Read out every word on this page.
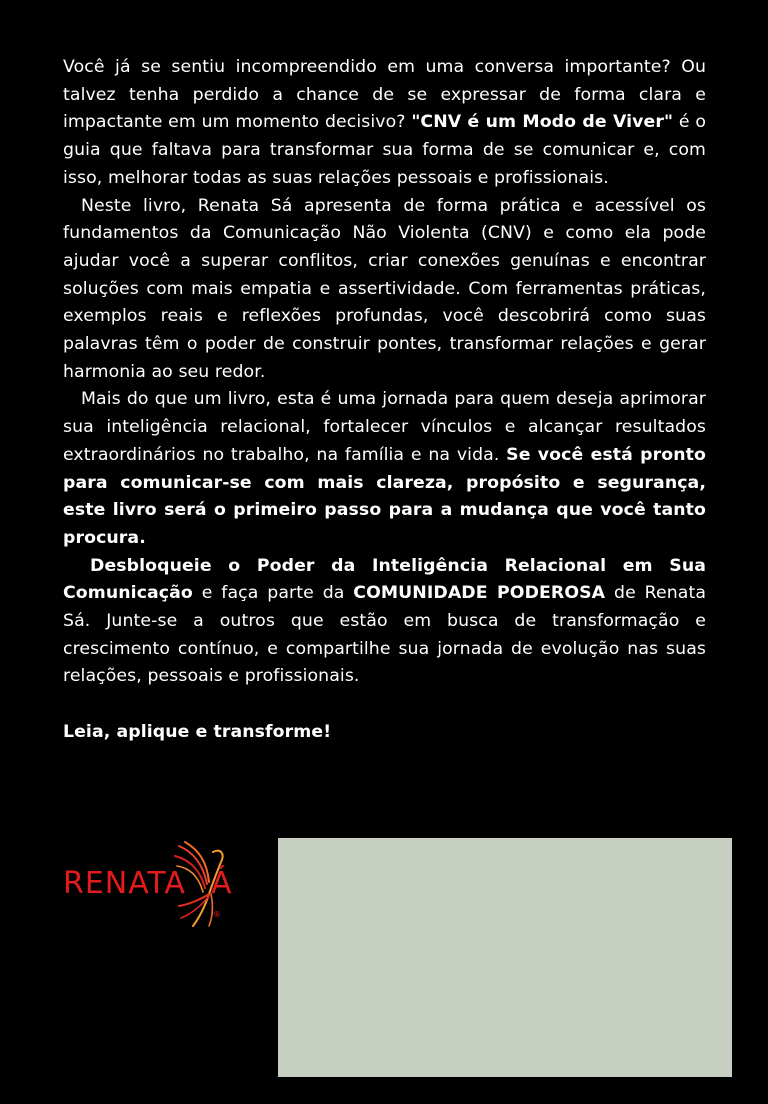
Você já se sentiu incompreendido em uma conversa importante? Ou talvez tenha perdido a chance de se expressar de forma clara e impactante em um momento decisivo? "CNV é um Modo de Viver" é o guia que faltava para transformar sua forma de se comunicar e, com isso, melhorar todas as suas relações pessoais e profissionais.

Neste livro, Renata Sá apresenta de forma prática e acessível os fundamentos da Comunicação Não Violenta (CNV) e como ela pode ajudar você a superar conflitos, criar conexões genuínas e encontrar soluções com mais empatia e assertividade. Com ferramentas práticas, exemplos reais e reflexões profundas, você descobrirá como suas palavras têm o poder de construir pontes, transformar relações e gerar harmonia ao seu redor.

Mais do que um livro, esta é uma jornada para quem deseja aprimorar sua inteligência relacional, fortalecer vínculos e alcançar resultados extraordinários no trabalho, na família e na vida. Se você está pronto para comunicar-se com mais clareza, propósito e segurança, este livro será o primeiro passo para a mudança que você tanto procura.

Desbloqueie o Poder da Inteligência Relacional em Sua Comunicação e faça parte da COMUNIDADE PODEROSA de Renata Sá. Junte-se a outros que estão em busca de transformação e crescimento contínuo, e compartilhe sua jornada de evolução nas suas relações, pessoais e profissionais.

Leia, aplique e transforme!

RENATA Á
®
